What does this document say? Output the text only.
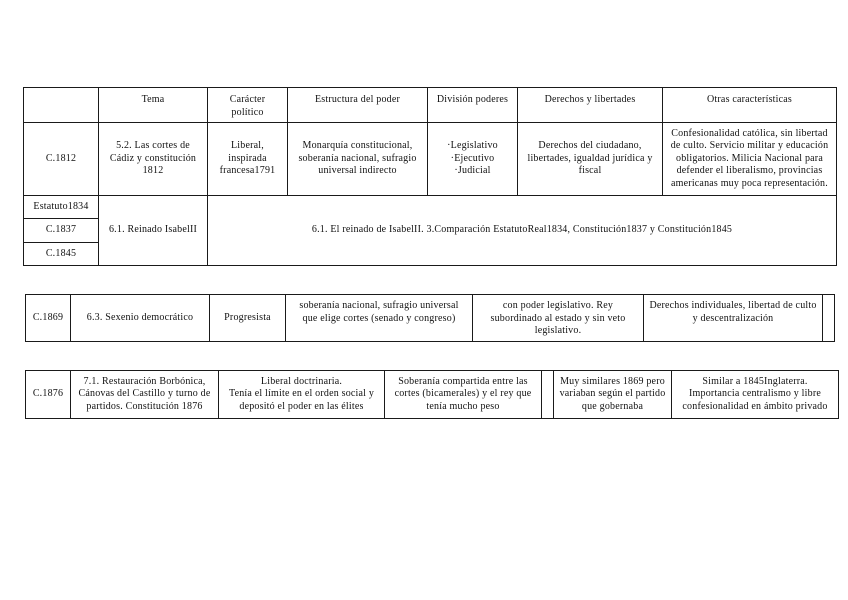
	Tema	Carácter
político	Estructura del poder	División poderes	Derechos y libertades	Otras características
C.1812	5.2. Las cortes de
Cádiz y constitución
1812	Liberal,
inspirada
francesa1791	Monarquía constitucional,
soberanía nacional, sufragio
universal indirecto	·Legislativo
·Ejecutivo
·Judicial	Derechos del ciudadano,
libertades, igualdad jurídica y
fiscal	Confesionalidad católica, sin libertad
de culto. Servicio militar y educación
obligatorios. Milicia Nacional para
defender el liberalismo, provincias
americanas muy poca representación.
Estatuto1834	6.1. Reinado IsabelII	6.1. El reinado de IsabelII. 3.Comparación EstatutoReal1834, Constitución1837 y Constitución1845				
C.1837						
C.1845						
C.1869	6.3. Sexenio democrático	Progresista	soberanía nacional, sufragio universal
que elige cortes (senado y congreso)	con poder legislativo. Rey
subordinado al estado y sin veto
legislativo.	Derechos individuales, libertad de culto
y descentralización	
C.1876	7.1. Restauración Borbónica,
Cánovas del Castillo y turno de
partidos. Constitución 1876	Liberal doctrinaria.
Tenía el límite en el orden social y
depositó el poder en las élites	Soberanía compartida entre las
cortes (bicamerales) y el rey que
tenía mucho peso		Muy similares 1869 pero
variaban según el partido
que gobernaba	Similar a 1845Inglaterra.
Importancia centralismo y libre
confesionalidad en ámbito privado
